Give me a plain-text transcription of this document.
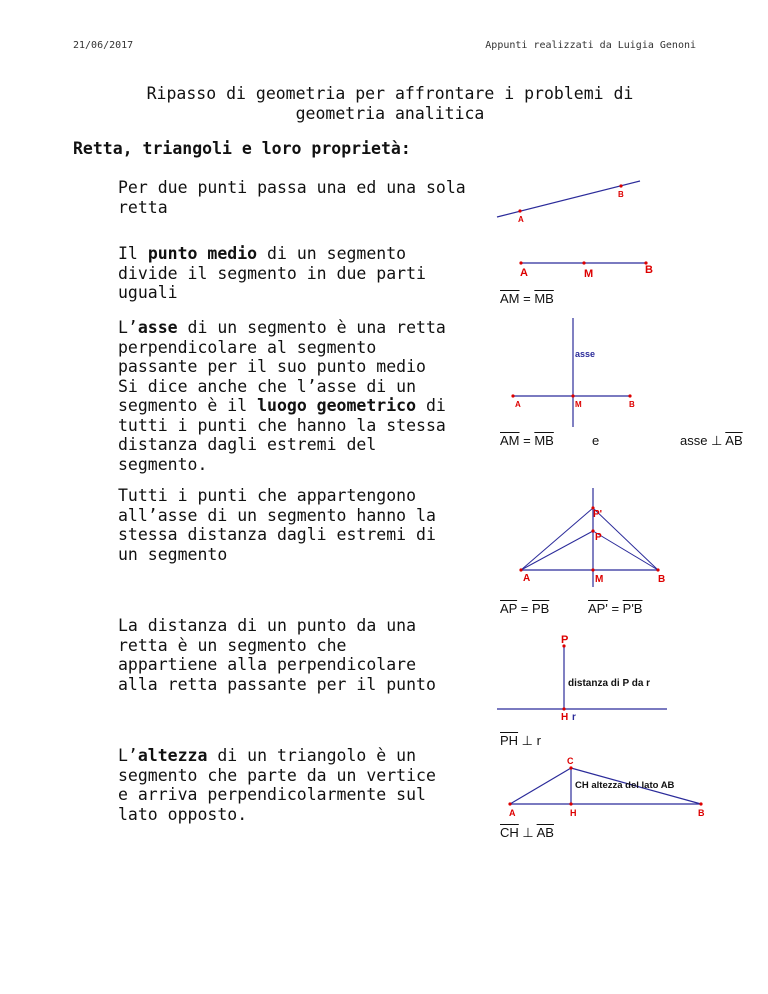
21/06/2017	Appunti realizzati da Luigia Genoni
Ripasso di geometria per affrontare i problemi di
geometria analitica
Retta, triangoli e loro proprietà:
Per due punti passa una ed una sola
retta
Il punto medio di un segmento
divide il segmento in due parti
uguali
L’asse di un segmento è una retta
perpendicolare al segmento
passante per il suo punto medio
Si dice anche che l’asse di un
segmento è il luogo geometrico di
tutti i punti che hanno la stessa
distanza dagli estremi del
segmento.
Tutti i punti che appartengono
all’asse di un segmento hanno la
stessa distanza dagli estremi di
un segmento
La distanza di un punto da una
retta è un segmento che
appartiene alla perpendicolare
alla retta passante per il punto
L’altezza di un triangolo è un
segmento che parte da un vertice
e arriva perpendicolarmente sul
lato opposto.
A
B
A	M	B
$\overline{AM} = \overline{MB}$
asse
A	M	B
$\overline{AM} = \overline{MB}$	e	asse ⊥ $\overline{AB}$
P'
P
A	M	B
$\overline{AP} = \overline{PB}$	AP' = P'B
P
distanza di P da r
H r
$\overline{PH}$ ⊥ r
C
CH altezza del lato AB
A	H	B
$\overline{CH}$ ⊥ $\overline{AB}$
